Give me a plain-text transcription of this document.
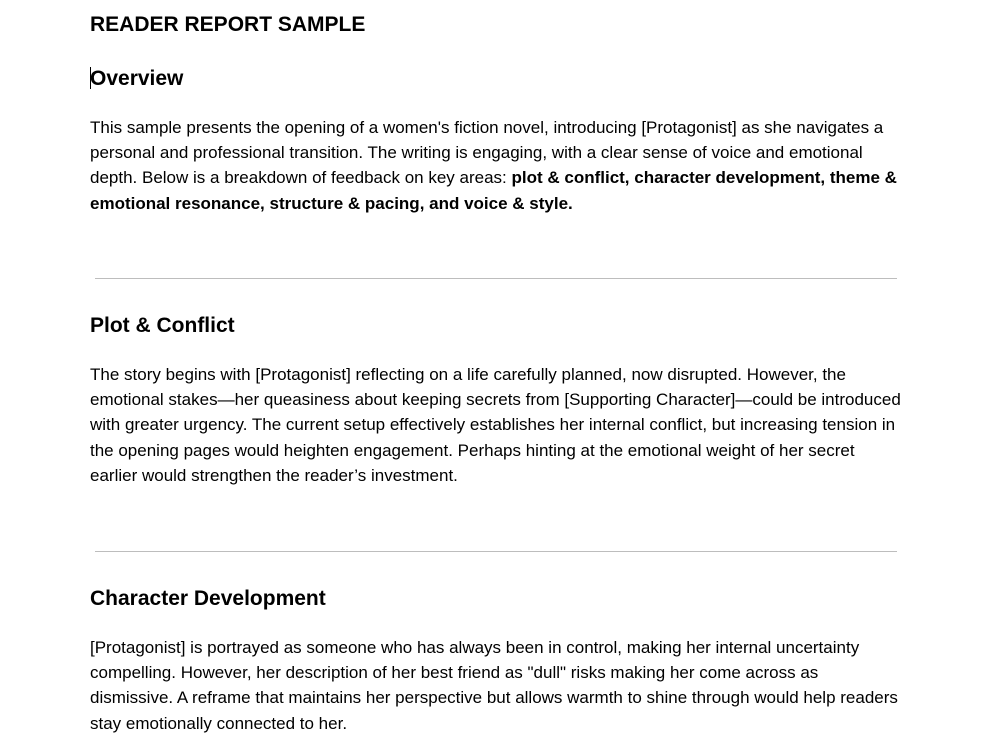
READER REPORT SAMPLE
Overview

This sample presents the opening of a women's fiction novel, introducing [Protagonist] as she navigates a personal and professional transition. The writing is engaging, with a clear sense of voice and emotional depth. Below is a breakdown of feedback on key areas: plot & conflict, character development, theme & emotional resonance, structure & pacing, and voice & style.

Plot & Conflict

The story begins with [Protagonist] reflecting on a life carefully planned, now disrupted. However, the emotional stakes—her queasiness about keeping secrets from [Supporting Character]—could be introduced with greater urgency. The current setup effectively establishes her internal conflict, but increasing tension in the opening pages would heighten engagement. Perhaps hinting at the emotional weight of her secret earlier would strengthen the reader’s investment.

Character Development

[Protagonist] is portrayed as someone who has always been in control, making her internal uncertainty compelling. However, her description of her best friend as "dull" risks making her come across as dismissive. A reframe that maintains her perspective but allows warmth to shine through would help readers stay emotionally connected to her.
